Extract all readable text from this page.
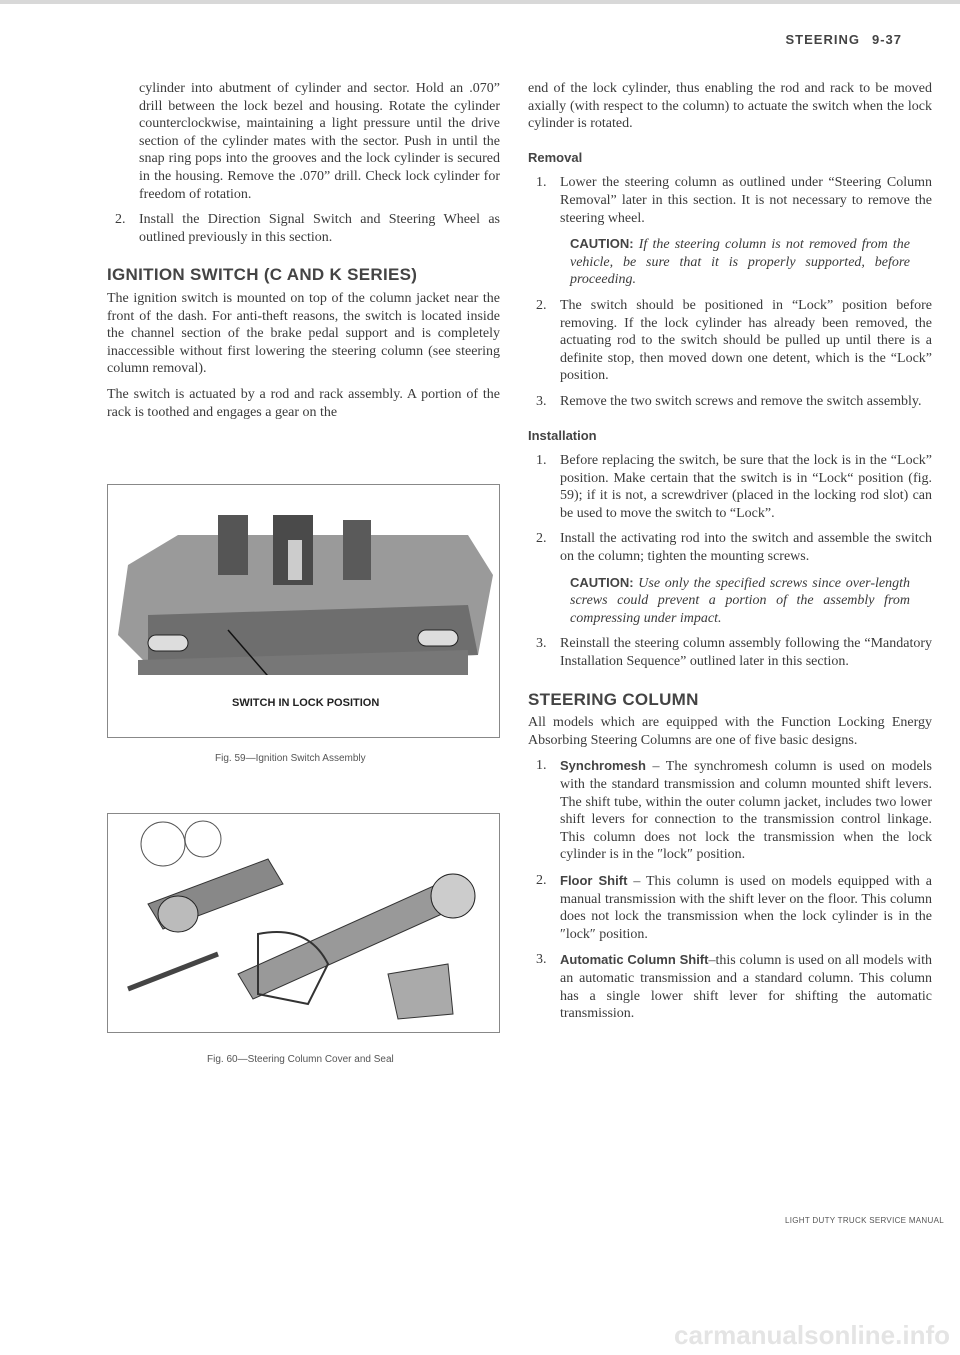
STEERING 9-37

cylinder into abutment of cylinder and sector. Hold an .070” drill between the lock bezel and housing. Rotate the cylinder counterclockwise, maintaining a light pressure until the drive section of the cylinder mates with the sector. Push in until the snap ring pops into the grooves and the lock cylinder is secured in the housing. Remove the .070” drill. Check lock cylinder for freedom of rotation.

2. Install the Direction Signal Switch and Steering Wheel as outlined previously in this section.
IGNITION SWITCH (C AND K SERIES)

The ignition switch is mounted on top of the column jacket near the front of the dash. For anti-theft reasons, the switch is located inside the channel section of the brake pedal support and is completely inaccessible without first lowering the steering column (see steering column removal).

The switch is actuated by a rod and rack assembly. A portion of the rack is toothed and engages a gear on the

SWITCH IN LOCK POSITION
Fig. 59—Ignition Switch Assembly
Fig. 60—Steering Column Cover and Seal

end of the lock cylinder, thus enabling the rod and rack to be moved axially (with respect to the column) to actuate the switch when the lock cylinder is rotated.

Removal
1. Lower the steering column as outlined under “Steering Column Removal” later in this section. It is not necessary to remove the steering wheel.
CAUTION: If the steering column is not removed from the vehicle, be sure that it is properly supported, before proceeding.
2. The switch should be positioned in “Lock” position before removing. If the lock cylinder has already been removed, the actuating rod to the switch should be pulled up until there is a definite stop, then moved down one detent, which is the “Lock” position.
3. Remove the two switch screws and remove the switch assembly.
Installation
1. Before replacing the switch, be sure that the lock is in the “Lock” position. Make certain that the switch is in “Lock“ position (fig. 59); if it is not, a screwdriver (placed in the locking rod slot) can be used to move the switch to “Lock”.
2. Install the activating rod into the switch and assemble the switch on the column; tighten the mounting screws.
CAUTION: Use only the specified screws since over-length screws could prevent a portion of the assembly from compressing under impact.
3. Reinstall the steering column assembly following the “Mandatory Installation Sequence” outlined later in this section.
STEERING COLUMN

All models which are equipped with the Function Locking Energy Absorbing Steering Columns are one of five basic designs.

1.	Synchromesh – The synchromesh column is used on models with the standard transmission and column mounted shift levers. The shift tube, within the outer column jacket, includes two lower shift levers for connection to the transmission control linkage. This column does not lock the transmission when the lock cylinder is in the ″lock″ position.
2.	Floor Shift – This column is used on models equipped with a manual transmission with the shift lever on the floor. This column does not lock the transmission when the lock cylinder is in the ″lock″ position.
3.	Automatic Column Shift–this column is used on all models with an automatic transmission and a standard column. This column has a single lower shift lever for shifting the automatic transmission.
LIGHT DUTY TRUCK SERVICE MANUAL
carmanualsonline.info
